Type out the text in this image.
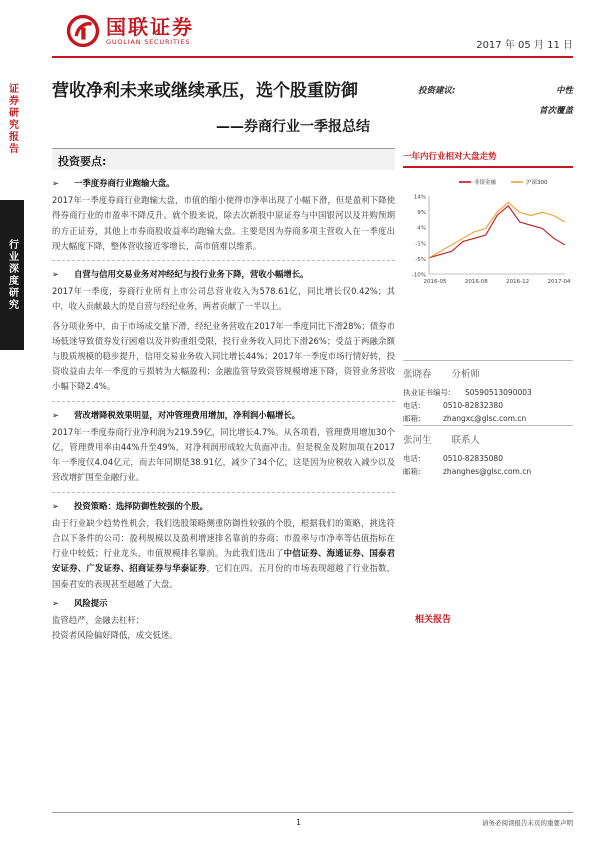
证券研究报告
行业深度研究
国联证券
GUOLIAN SECURITIES	2017 年 05 月 11 日
营收净利未来或继续承压，选个股重防御
——券商行业一季报总结
投资建议:	中性
首次覆盖
投资要点:
➢	一季度券商行业跑输大盘。
2017年一季度券商行业跑输大盘，市值的缩小使得市净率出现了小幅下滑，但是盈利下降使得券商行业的市盈率不降反升。就个股来说，除去次新股中原证券与中国银河以及并购预期的方正证券，其他上市券商股收益率均跑输大盘。主要是因为券商多项主营收入在一季度出现大幅度下降，整体营收接近零增长，高市值难以维系。
➢	自营与信用交易业务对冲经纪与投行业务下降，营收小幅增长。
2017年一季度，券商行业所有上市公司总营业收入为578.61亿，同比增长仅0.42%；其中，收入贡献最大的是自营与经纪业务，两者贡献了一半以上。
各分项业务中，由于市场成交量下滑，经纪业务营收在2017年一季度同比下滑28%；债券市场低迷导致债券发行困难以及并购重组受限，投行业务收入同比下滑26%；受益于两融余额与股质规模的稳步提升，信用交易业务收入同比增长44%；2017年一季度市场行情好转，投资收益由去年一季度的亏损转为大幅盈利；金融监管导致资管规模增速下降，资管业务营收小幅下降2.4%。
➢	营改增降税效果明显，对冲管理费用增加，净利润小幅增长。
2017年一季度券商行业净利润为219.59亿，同比增长4.7%。从各项看，管理费用增加30个亿，管理费用率由44%升至49%，对净利润形成较大负面冲击。但是税金及附加项在2017年一季度仅4.04亿元，而去年同期是38.91亿，减少了34个亿，这是因为应税收入减少以及营改增扩围至金融行业。
➢	投资策略：选择防御性较强的个股。
由于行业缺少趋势性机会，我们选股策略侧重防御性较强的个股，根据我们的策略，挑选符合以下条件的公司：盈利规模以及盈利增速排名靠前的券商；市盈率与市净率等估值指标在行业中较低；行业龙头，市值规模排名靠前。为此我们选出了中信证券、海通证券、国泰君安证券、广发证券、招商证券与华泰证券，它们在四、五月份的市场表现超越了行业指数，国泰君安的表现甚至超越了大盘。
➢	风险提示
监管趋严，金融去杠杆；
投资者风险偏好降低，成交低迷。
一年内行业相对大盘走势
14%
9%
4%
-1%
-5%
-10%
2016-05	2016-08	2016-12	2017-04
非银金融	沪深300
张晓春 分析师
执业证书编号:	S0590513090003
电话:	0510-82832380
邮箱:	zhangxc@glsc.com.cn
张河生 联系人
电话:	0510-82835080
邮箱:	zhanghes@glsc.com.cn
相关报告
1	请务必阅读报告末页的重要声明
